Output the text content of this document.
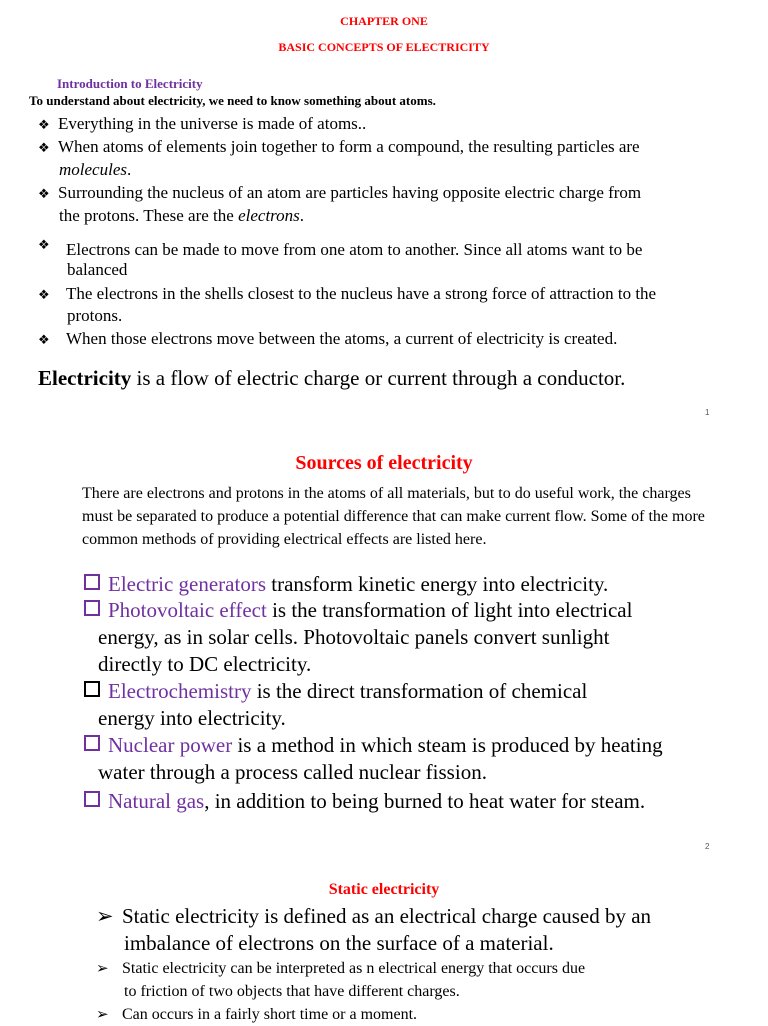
CHAPTER ONE
BASIC CONCEPTS OF ELECTRICITY
Introduction to Electricity
To understand about electricity, we need to know something about atoms.
❖ Everything in the universe is made of atoms..
❖ When atoms of elements join together to form a compound, the resulting particles are
molecules.
❖ Surrounding the nucleus of an atom are particles having opposite electric charge from
the protons. These are the electrons.
❖ Electrons can be made to move from one atom to another. Since all atoms want to be
balanced
❖ The electrons in the shells closest to the nucleus have a strong force of attraction to the
protons.
❖ When those electrons move between the atoms, a current of electricity is created.
Electricity is a flow of electric charge or current through a conductor.
1
Sources of electricity
There are electrons and protons in the atoms of all materials, but to do useful work, the charges must be separated to produce a potential difference that can make current flow. Some of the more common methods of providing electrical effects are listed here.
Electric generators transform kinetic energy into electricity.
Photovoltaic effect is the transformation of light into electrical
energy, as in solar cells. Photovoltaic panels convert sunlight
directly to DC electricity.
Electrochemistry is the direct transformation of chemical
energy into electricity.
Nuclear power is a method in which steam is produced by heating
water through a process called nuclear fission.
Natural gas, in addition to being burned to heat water for steam.
2
Static electricity
➢ Static electricity is defined as an electrical charge caused by an
imbalance of electrons on the surface of a material.
➢ Static electricity can be interpreted as n electrical energy that occurs due
to friction of two objects that have different charges.
➢ Can occurs in a fairly short time or a moment.
